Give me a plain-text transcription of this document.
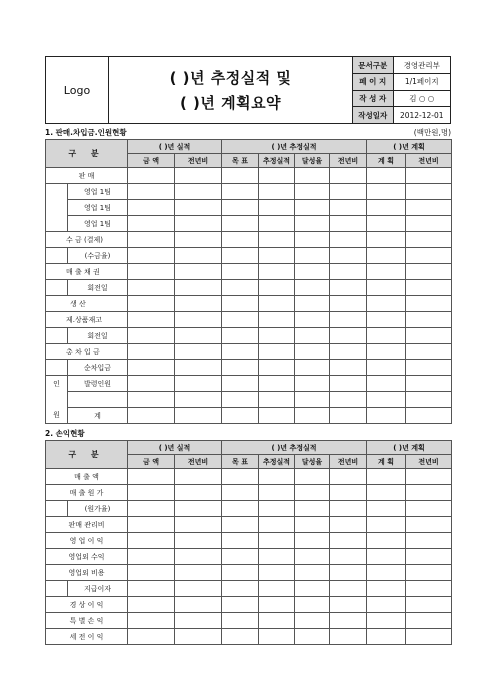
Logo
( )년 추정실적 및
( )년 계획요약
문서구분	경영관리부
페 이 지	1/1페이지
작 성 자	김 ○ ○
작성일자	2012-12-01
1. 판매.차입금.인원현황	(백만원,명)
구 분		( )년 실적		( )년 추정실적				( )년 계획	
		금 액	전년비	목 표	추정실적	달성율	전년비	계 획	전년비
판 매									
	영업 1팀								
	영업 1팀								
	영업 1팀								
수 금 (결제)									
	(수금율)								
매 출 채 권									
	회전일								
생 산									
제.상품재고									
	회전일								
총 차 입 금									
	순차입금								
인	발령인원								

원	계								
2. 손익현황
구 분		( )년 실적		( )년 추정실적				( )년 계획	
		금 액	전년비	목 표	추정실적	달성율	전년비	계 획	전년비
매 출 액									
매 출 원 가									
	(원가율)								
판매 관리비									
영 업 이 익									
영업외 수익									
영업외 비용									
	지급이자								
경 상 이 익									
특 별 손 익									
세 전 이 익									
